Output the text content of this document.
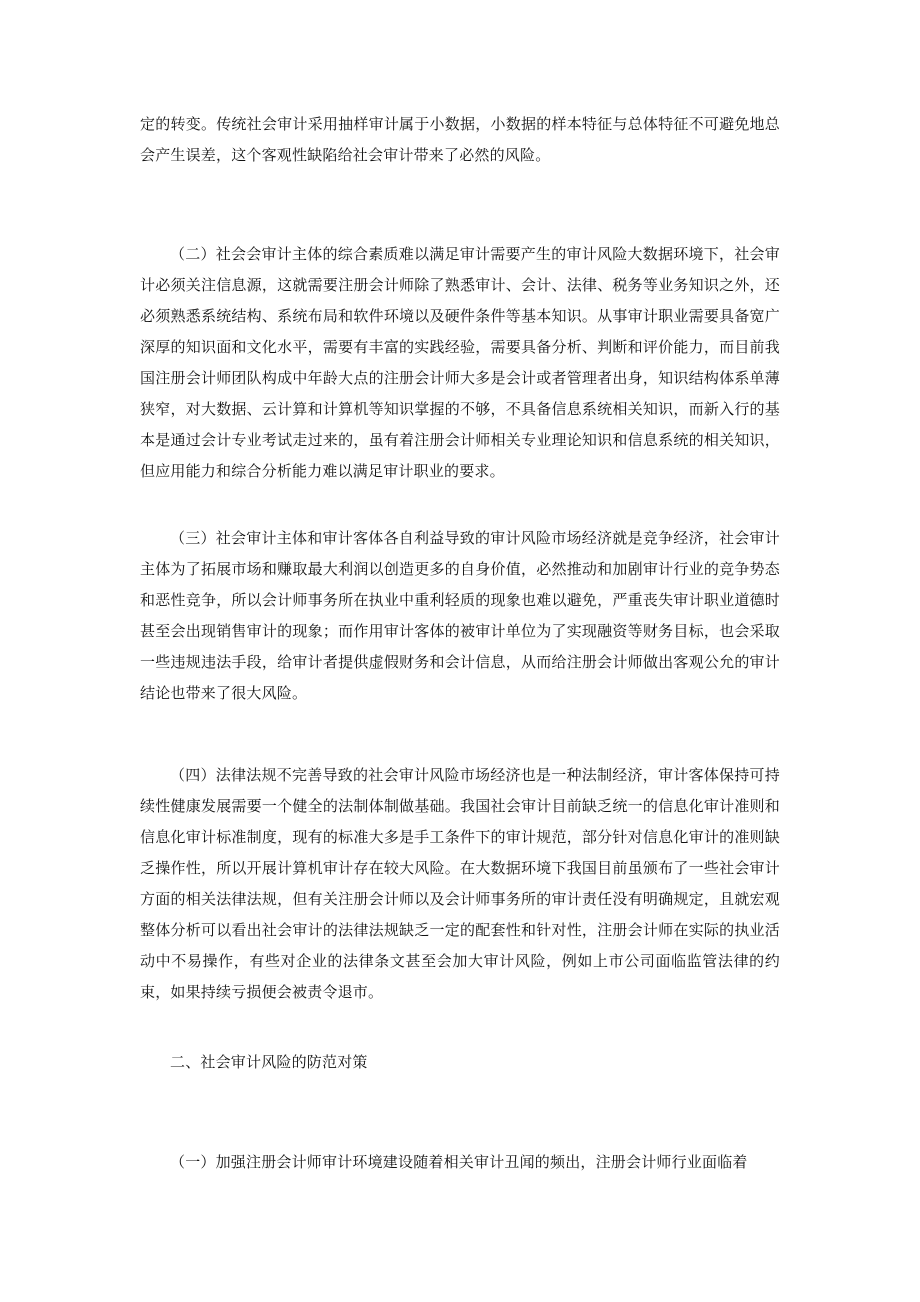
定的转变。传统社会审计采用抽样审计属于小数据，小数据的样本特征与总体特征不可避免地总会产生误差，这个客观性缺陷给社会审计带来了必然的风险。

（二）社会会审计主体的综合素质难以满足审计需要产生的审计风险大数据环境下，社会审计必须关注信息源，这就需要注册会计师除了熟悉审计、会计、法律、税务等业务知识之外，还必须熟悉系统结构、系统布局和软件环境以及硬件条件等基本知识。从事审计职业需要具备宽广深厚的知识面和文化水平，需要有丰富的实践经验，需要具备分析、判断和评价能力，而目前我国注册会计师团队构成中年龄大点的注册会计师大多是会计或者管理者出身，知识结构体系单薄狭窄，对大数据、云计算和计算机等知识掌握的不够，不具备信息系统相关知识，而新入行的基本是通过会计专业考试走过来的，虽有着注册会计师相关专业理论知识和信息系统的相关知识，但应用能力和综合分析能力难以满足审计职业的要求。

（三）社会审计主体和审计客体各自利益导致的审计风险市场经济就是竞争经济，社会审计主体为了拓展市场和赚取最大利润以创造更多的自身价值，必然推动和加剧审计行业的竞争势态和恶性竞争，所以会计师事务所在执业中重利轻质的现象也难以避免，严重丧失审计职业道德时甚至会出现销售审计的现象；而作用审计客体的被审计单位为了实现融资等财务目标，也会采取一些违规违法手段，给审计者提供虚假财务和会计信息，从而给注册会计师做出客观公允的审计结论也带来了很大风险。

（四）法律法规不完善导致的社会审计风险市场经济也是一种法制经济，审计客体保持可持续性健康发展需要一个健全的法制体制做基础。我国社会审计目前缺乏统一的信息化审计准则和信息化审计标准制度，现有的标准大多是手工条件下的审计规范，部分针对信息化审计的准则缺乏操作性，所以开展计算机审计存在较大风险。在大数据环境下我国目前虽颁布了一些社会审计方面的相关法律法规，但有关注册会计师以及会计师事务所的审计责任没有明确规定，且就宏观整体分析可以看出社会审计的法律法规缺乏一定的配套性和针对性，注册会计师在实际的执业活动中不易操作，有些对企业的法律条文甚至会加大审计风险，例如上市公司面临监管法律的约束，如果持续亏损便会被责令退市。

二、社会审计风险的防范对策

（一）加强注册会计师审计环境建设随着相关审计丑闻的频出，注册会计师行业面临着
